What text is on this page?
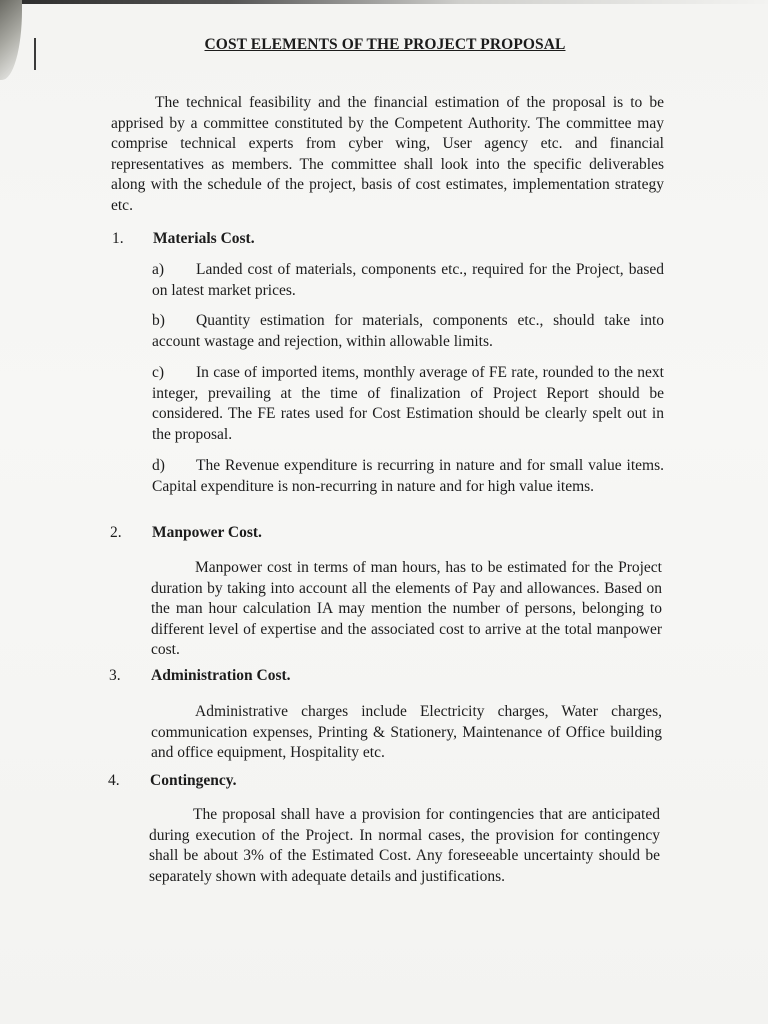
COST ELEMENTS OF THE PROJECT PROPOSAL

The technical feasibility and the financial estimation of the proposal is to be apprised by a committee constituted by the Competent Authority. The committee may comprise technical experts from cyber wing, User agency etc. and financial representatives as members. The committee shall look into the specific deliverables along with the schedule of the project, basis of cost estimates, implementation strategy etc.

1. Materials Cost.

a) Landed cost of materials, components etc., required for the Project, based on latest market prices.

b) Quantity estimation for materials, components etc., should take into account wastage and rejection, within allowable limits.

c) In case of imported items, monthly average of FE rate, rounded to the next integer, prevailing at the time of finalization of Project Report should be considered. The FE rates used for Cost Estimation should be clearly spelt out in the proposal.

d) The Revenue expenditure is recurring in nature and for small value items. Capital expenditure is non-recurring in nature and for high value items.

2. Manpower Cost.

Manpower cost in terms of man hours, has to be estimated for the Project duration by taking into account all the elements of Pay and allowances. Based on the man hour calculation IA may mention the number of persons, belonging to different level of expertise and the associated cost to arrive at the total manpower cost.

3. Administration Cost.

Administrative charges include Electricity charges, Water charges, communication expenses, Printing & Stationery, Maintenance of Office building and office equipment, Hospitality etc.

4. Contingency.

The proposal shall have a provision for contingencies that are anticipated during execution of the Project. In normal cases, the provision for contingency shall be about 3% of the Estimated Cost. Any foreseeable uncertainty should be separately shown with adequate details and justifications.
